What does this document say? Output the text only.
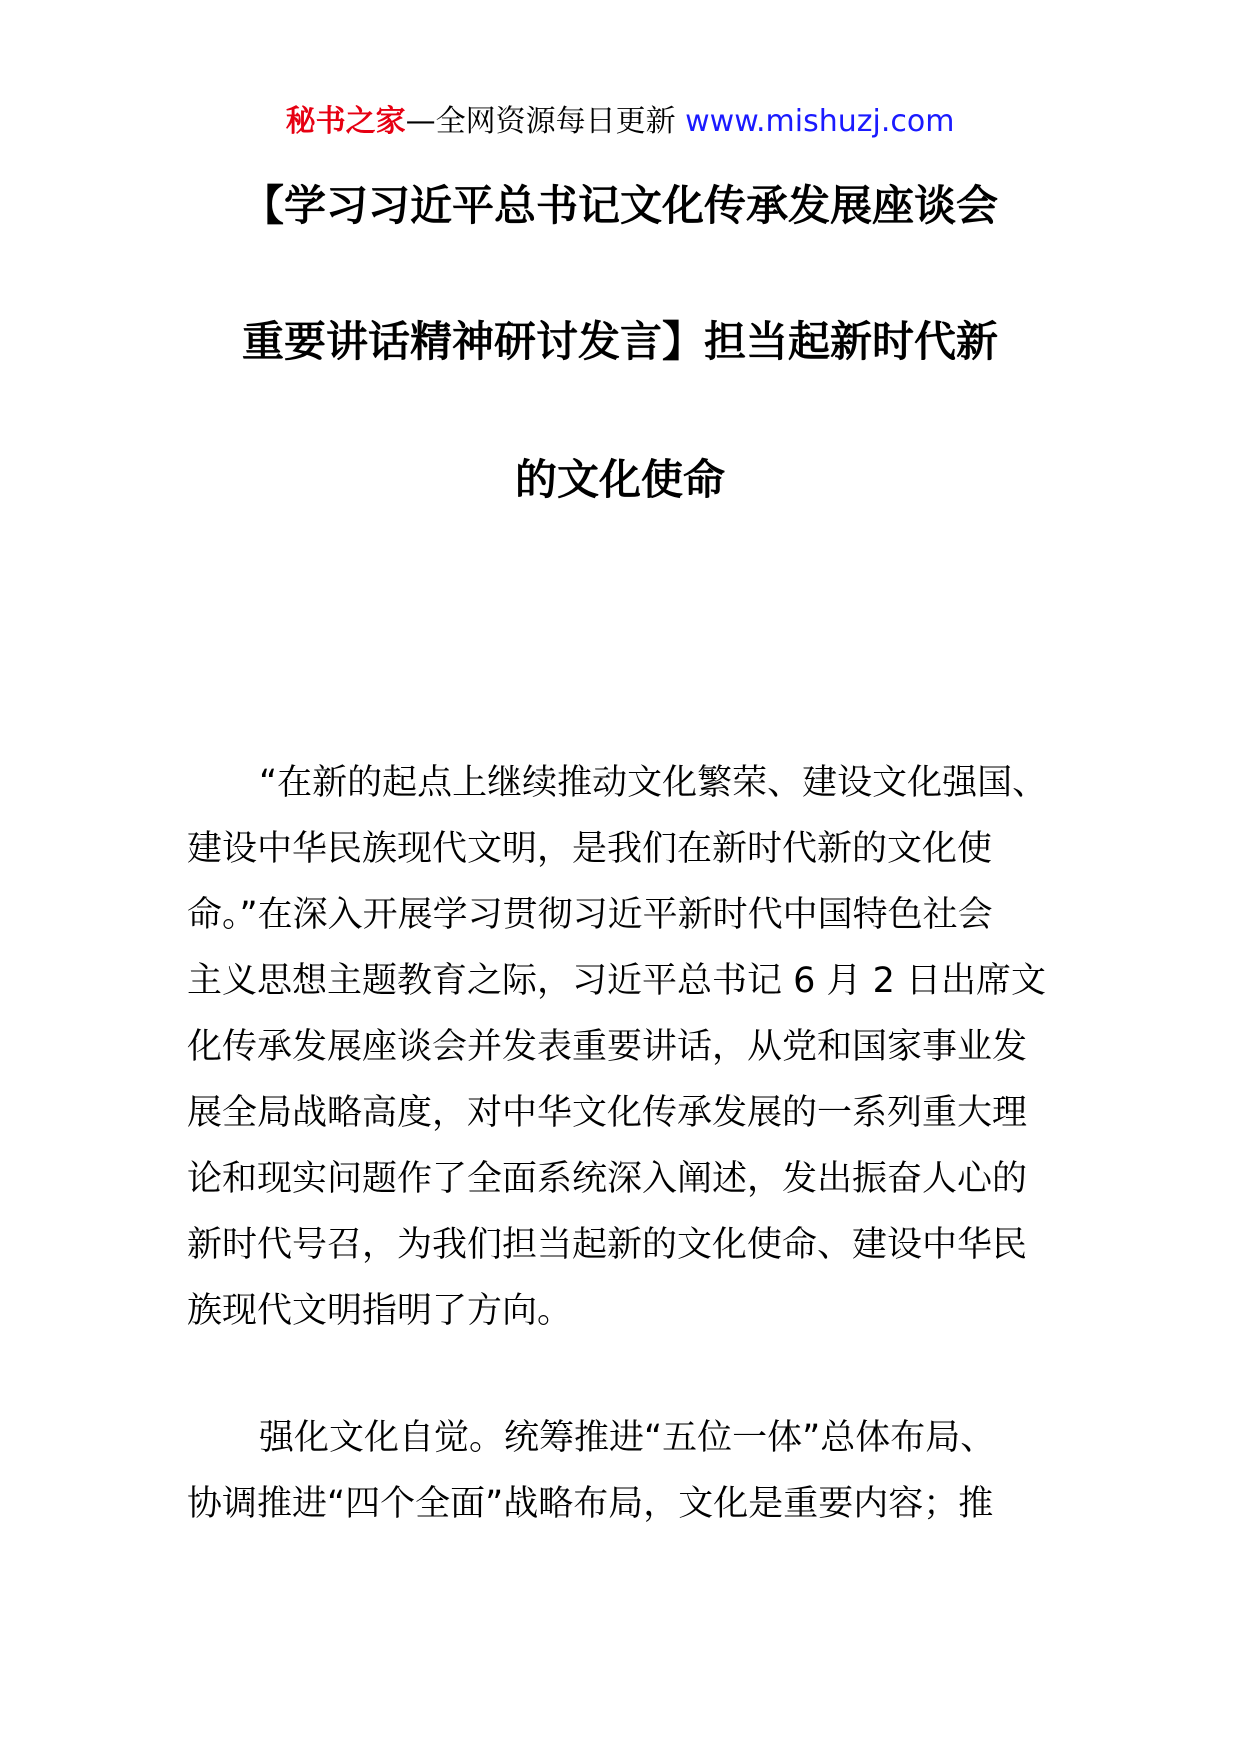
秘书之家—全网资源每日更新 www.mishuzj.com
【学习习近平总书记文化传承发展座谈会
重要讲话精神研讨发言】担当起新时代新
的文化使命
“在新的起点上继续推动文化繁荣、建设文化强国、
建设中华民族现代文明，是我们在新时代新的文化使
命。”在深入开展学习贯彻习近平新时代中国特色社会
主义思想主题教育之际，习近平总书记 6 月 2 日出席文
化传承发展座谈会并发表重要讲话，从党和国家事业发
展全局战略高度，对中华文化传承发展的一系列重大理
论和现实问题作了全面系统深入阐述，发出振奋人心的
新时代号召，为我们担当起新的文化使命、建设中华民
族现代文明指明了方向。
强化文化自觉。统筹推进“五位一体”总体布局、
协调推进“四个全面”战略布局，文化是重要内容；推
